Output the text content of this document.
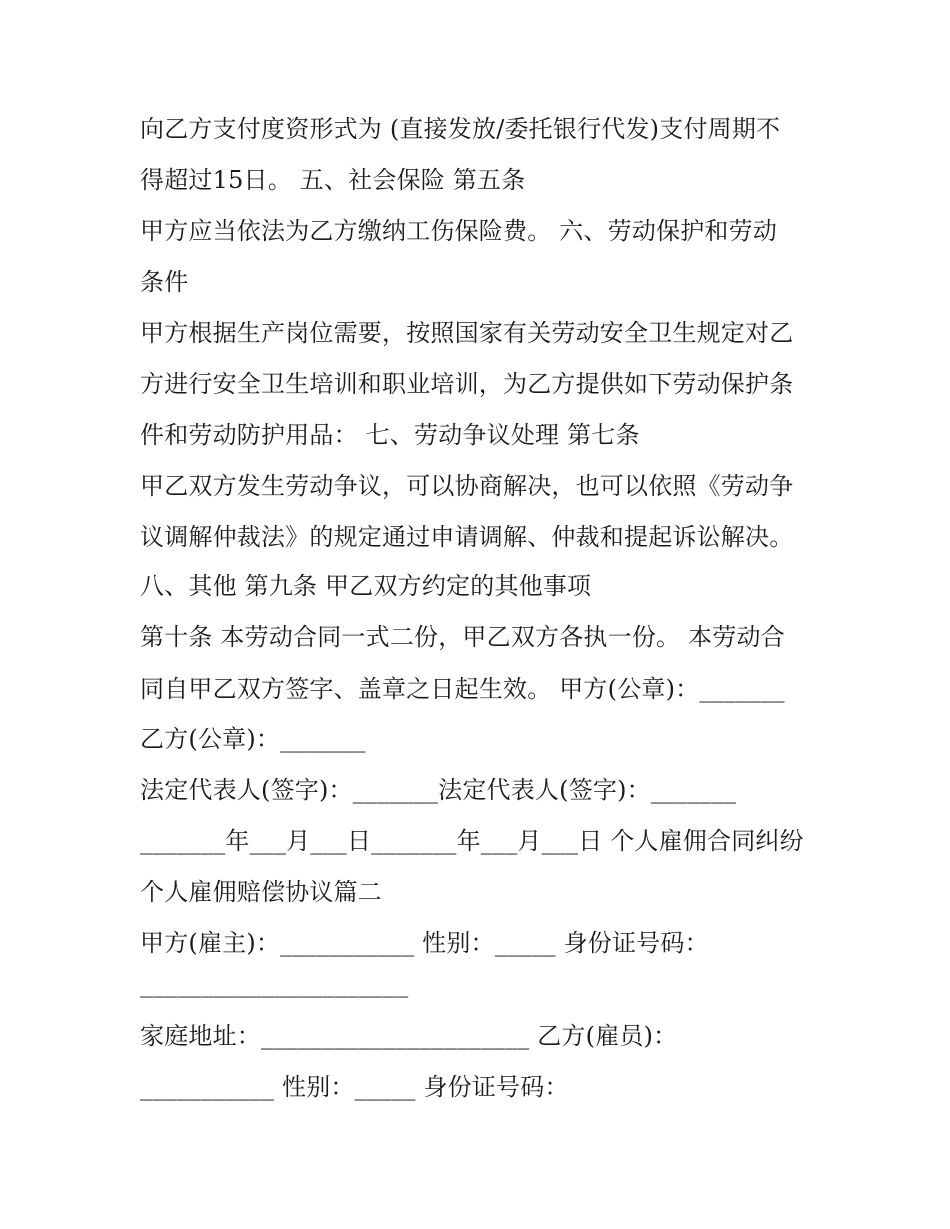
向乙方支付度资形式为 (直接发放/委托银行代发)支付周期不
得超过15日。 五、社会保险 第五条
甲方应当依法为乙方缴纳工伤保险费。 六、劳动保护和劳动
条件
甲方根据生产岗位需要，按照国家有关劳动安全卫生规定对乙
方进行安全卫生培训和职业培训，为乙方提供如下劳动保护条
件和劳动防护用品： 七、劳动争议处理 第七条
甲乙双方发生劳动争议，可以协商解决，也可以依照《劳动争
议调解仲裁法》的规定通过申请调解、仲裁和提起诉讼解决。
八、其他 第九条 甲乙双方约定的其他事项
第十条 本劳动合同一式二份，甲乙双方各执一份。 本劳动合
同自甲乙双方签字、盖章之日起生效。 甲方(公章)：_______
乙方(公章)：_______
法定代表人(签字)：_______法定代表人(签字)：_______
_______年___月___日_______年___月___日 个人雇佣合同纠纷
个人雇佣赔偿协议篇二
甲方(雇主)：___________ 性别：_____ 身份证号码：
______________________
家庭地址：______________________ 乙方(雇员)：
___________ 性别：_____ 身份证号码：
